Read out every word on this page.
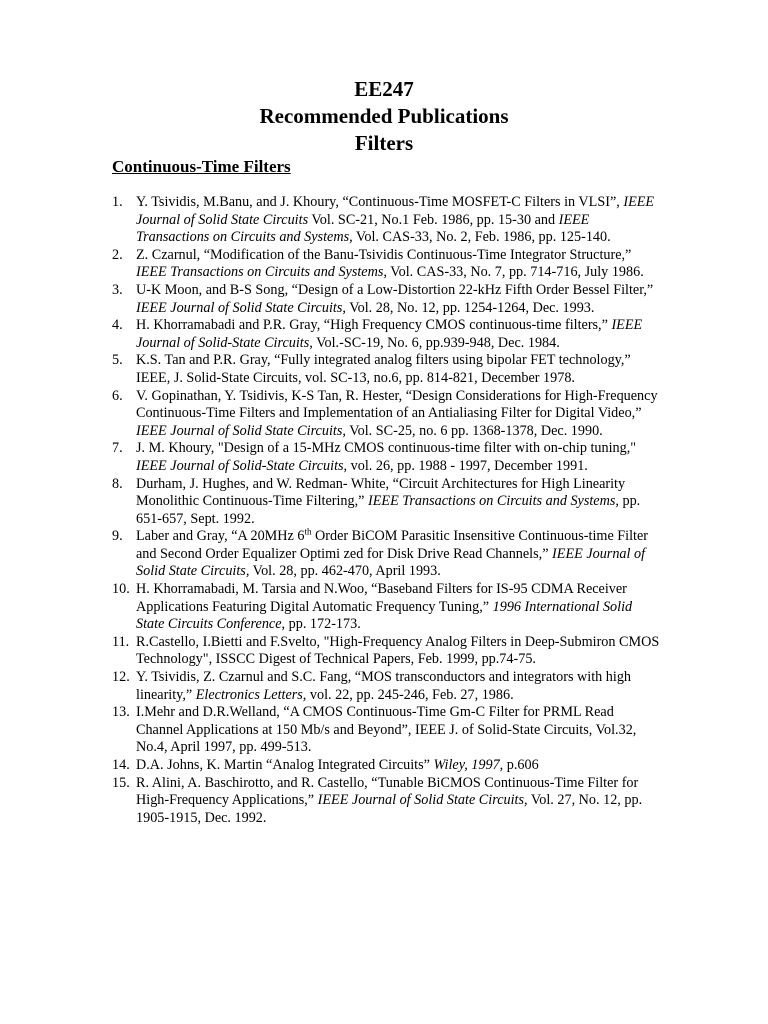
EE247
Recommended Publications
Filters
Continuous-Time Filters
1. Y. Tsividis, M.Banu, and J. Khoury, “Continuous-Time MOSFET-C Filters in VLSI”, IEEE Journal of Solid State Circuits Vol. SC-21, No.1 Feb. 1986, pp. 15-30 and IEEE Transactions on Circuits and Systems, Vol. CAS-33, No. 2, Feb. 1986, pp. 125-140.
2. Z. Czarnul, “Modification of the Banu-Tsividis Continuous-Time Integrator Structure,” IEEE Transactions on Circuits and Systems, Vol. CAS-33, No. 7, pp. 714-716, July 1986.
3. U-K Moon, and B-S Song, “Design of a Low-Distortion 22-kHz Fifth Order Bessel Filter,” IEEE Journal of Solid State Circuits, Vol. 28, No. 12, pp. 1254-1264, Dec. 1993.
4. H. Khorramabadi and P.R. Gray, “High Frequency CMOS continuous-time filters,” IEEE Journal of Solid-State Circuits, Vol.-SC-19, No. 6, pp.939-948, Dec. 1984.
5. K.S. Tan and P.R. Gray, “Fully integrated analog filters using bipolar FET technology,” IEEE, J. Solid-State Circuits, vol. SC-13, no.6, pp. 814-821, December 1978.
6. V. Gopinathan, Y. Tsidivis, K-S Tan, R. Hester, “Design Considerations for High-Frequency Continuous-Time Filters and Implementation of an Antialiasing Filter for Digital Video,” IEEE Journal of Solid State Circuits, Vol. SC-25, no. 6 pp. 1368-1378, Dec. 1990.
7. J. M. Khoury, "Design of a 15-MHz CMOS continuous-time filter with on-chip tuning," IEEE Journal of Solid-State Circuits, vol. 26, pp. 1988 - 1997, December 1991.
8. Durham, J. Hughes, and W. Redman- White, “Circuit Architectures for High Linearity Monolithic Continuous-Time Filtering,” IEEE Transactions on Circuits and Systems, pp. 651-657, Sept. 1992.
9. Laber and Gray, “A 20MHz 6th Order BiCOM Parasitic Insensitive Continuous-time Filter and Second Order Equalizer Optimi zed for Disk Drive Read Channels,” IEEE Journal of Solid State Circuits, Vol. 28, pp. 462-470, April 1993.
10. H. Khorramabadi, M. Tarsia and N.Woo, “Baseband Filters for IS-95 CDMA Receiver Applications Featuring Digital Automatic Frequency Tuning,” 1996 International Solid State Circuits Conference, pp. 172-173.
11. R.Castello, I.Bietti and F.Svelto, "High-Frequency Analog Filters in Deep-Submiron CMOS Technology", ISSCC Digest of Technical Papers, Feb. 1999, pp.74-75.
12. Y. Tsividis, Z. Czarnul and S.C. Fang, “MOS transconductors and integrators with high linearity,” Electronics Letters, vol. 22, pp. 245-246, Feb. 27, 1986.
13. I.Mehr and D.R.Welland, “A CMOS Continuous-Time Gm-C Filter for PRML Read Channel Applications at 150 Mb/s and Beyond”, IEEE J. of Solid-State Circuits, Vol.32, No.4, April 1997, pp. 499-513.
14. D.A. Johns, K. Martin “Analog Integrated Circuits” Wiley, 1997, p.606
15. R. Alini, A. Baschirotto, and R. Castello, “Tunable BiCMOS Continuous-Time Filter for High-Frequency Applications,” IEEE Journal of Solid State Circuits, Vol. 27, No. 12, pp. 1905-1915, Dec. 1992.
